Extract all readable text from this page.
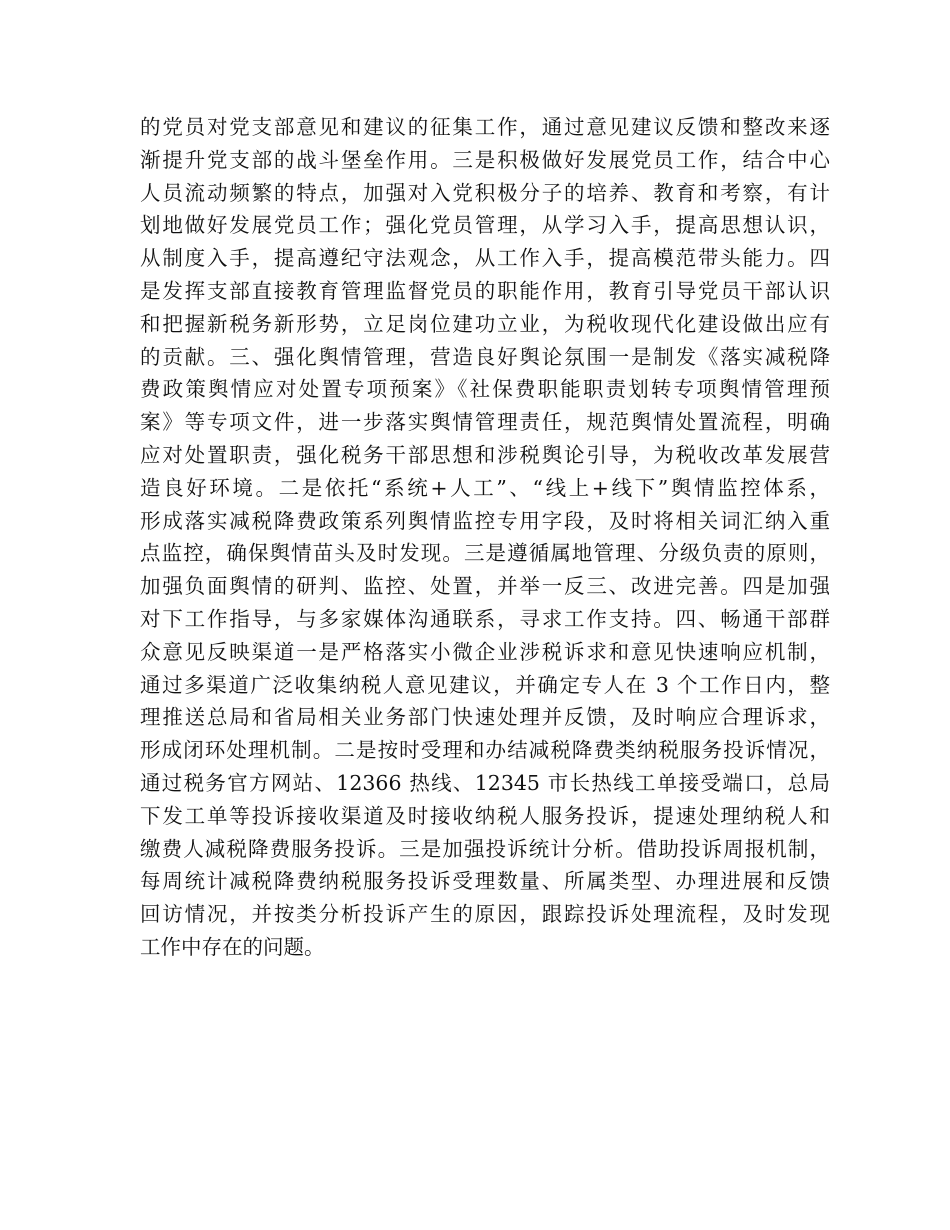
的党员对党支部意见和建议的征集工作，通过意见建议反馈和整改来逐
渐提升党支部的战斗堡垒作用。三是积极做好发展党员工作，结合中心
人员流动频繁的特点，加强对入党积极分子的培养、教育和考察，有计
划地做好发展党员工作；强化党员管理，从学习入手，提高思想认识，
从制度入手，提高遵纪守法观念，从工作入手，提高模范带头能力。四
是发挥支部直接教育管理监督党员的职能作用，教育引导党员干部认识
和把握新税务新形势，立足岗位建功立业，为税收现代化建设做出应有
的贡献。三、强化舆情管理，营造良好舆论氛围一是制发《落实减税降
费政策舆情应对处置专项预案》《社保费职能职责划转专项舆情管理预
案》等专项文件，进一步落实舆情管理责任，规范舆情处置流程，明确
应对处置职责，强化税务干部思想和涉税舆论引导，为税收改革发展营
造良好环境。二是依托“系统+人工”、“线上+线下”舆情监控体系，
形成落实减税降费政策系列舆情监控专用字段，及时将相关词汇纳入重
点监控，确保舆情苗头及时发现。三是遵循属地管理、分级负责的原则，
加强负面舆情的研判、监控、处置，并举一反三、改进完善。四是加强
对下工作指导，与多家媒体沟通联系，寻求工作支持。四、畅通干部群
众意见反映渠道一是严格落实小微企业涉税诉求和意见快速响应机制，
通过多渠道广泛收集纳税人意见建议，并确定专人在 3 个工作日内，整
理推送总局和省局相关业务部门快速处理并反馈，及时响应合理诉求，
形成闭环处理机制。二是按时受理和办结减税降费类纳税服务投诉情况，
通过税务官方网站、12366 热线、12345 市长热线工单接受端口，总局
下发工单等投诉接收渠道及时接收纳税人服务投诉，提速处理纳税人和
缴费人减税降费服务投诉。三是加强投诉统计分析。借助投诉周报机制，
每周统计减税降费纳税服务投诉受理数量、所属类型、办理进展和反馈
回访情况，并按类分析投诉产生的原因，跟踪投诉处理流程，及时发现
工作中存在的问题。
